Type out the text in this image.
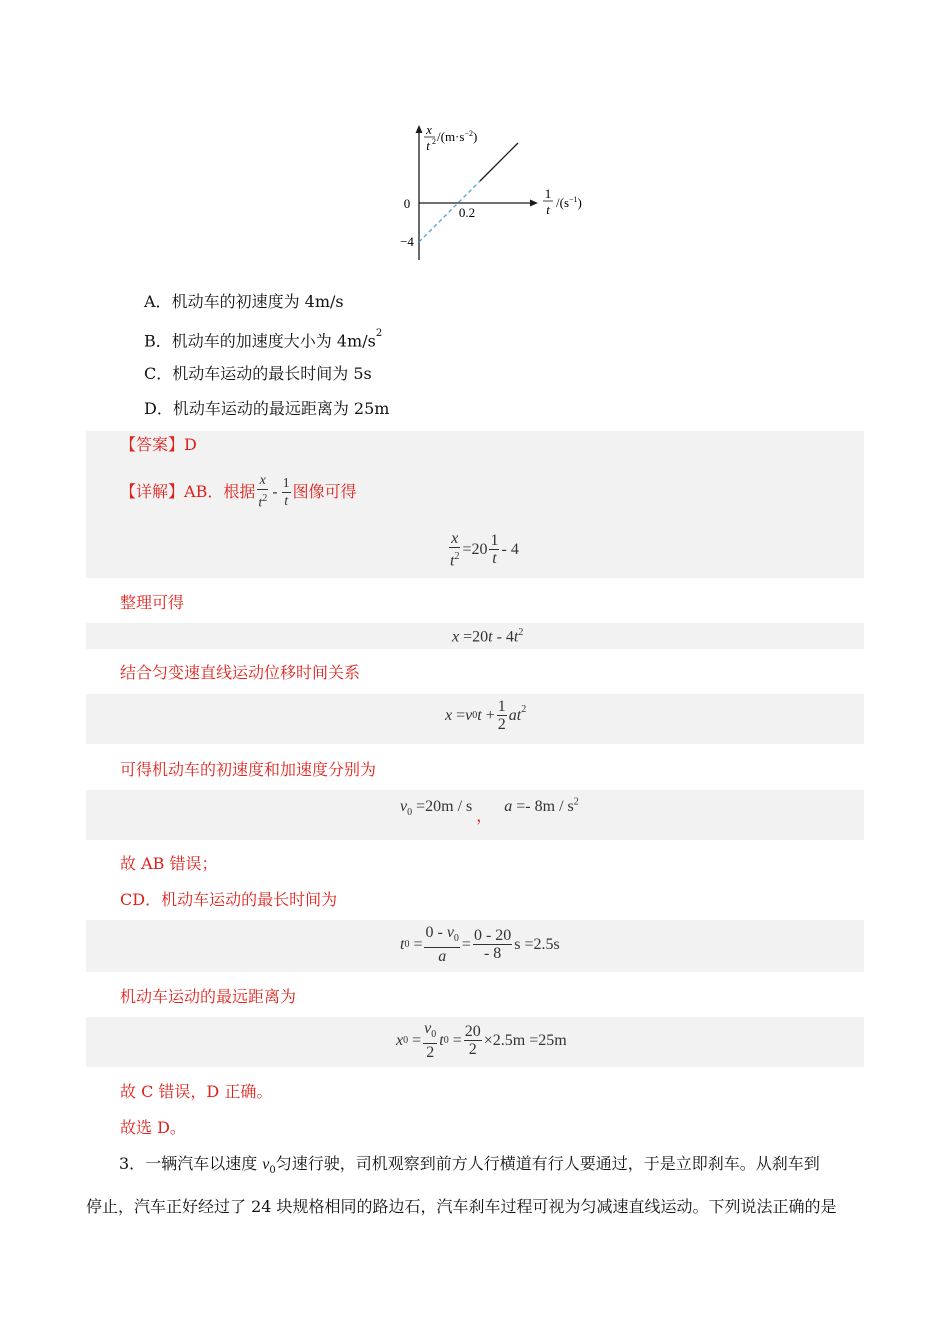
x
t 2 $/(m\cdot s^{-2})$
1
t $/(s^{-1})$
0
0.2
−4
A．机动车的初速度为 4m/s
B．机动车的加速度大小为 $4m/s^2$
C．机动车运动的最长时间为 5s
D．机动车运动的最远距离为 25m
【答案】D
【详解】 AB．根据 $\frac{x}{t^2} - \frac{1}{t}$ 图像可得
$\frac{x}{t^2} =20 \frac{1}{t} - 4$
整理可得
$x =20t - 4t^2$
结合匀变速直线运动位移时间关系
x
= v 0 t
+ $\frac{1}{2} at^2$
可得机动车的初速度和加速度分别为
$v_0 =20m / s$ ，   $a =- 8m / s^2$
故 AB 错误；
CD．机动车运动的最长时间为
t $0 = \frac{0 - v_0}{a} = \frac{0 - 20}{- 8}$ s =2.5s
机动车运动的最远距离为
x 0
= $\frac{v_0}{2}$ t $0 = \frac{20}{2} \times 2.5m =25m$
故 C 错误，D 正确。
故选 D。
3．一辆汽车以速度 $v_0$匀速行驶，司机观察到前方人行横道有行人要通过，于是立即刹车。从刹车到
停止，汽车正好经过了 24 块规格相同的路边石，汽车刹车过程可视为匀减速直线运动。下列说法正确的是
